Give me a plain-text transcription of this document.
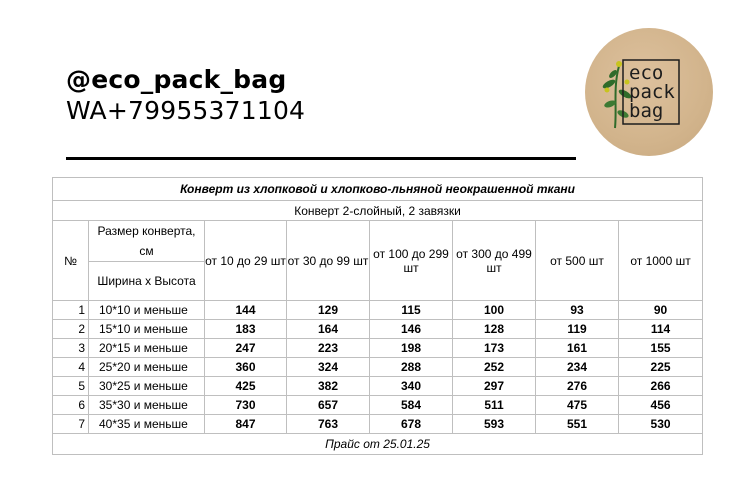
@eco_pack_bag
WA+79955371104
eco
pack
bag
Конверт из хлопковой и хлопково-льняной неокрашенной ткани							
Конверт 2-слойный, 2 завязки							
№	Размер конверта, см	от 10 до 29 шт	от 30 до 99 шт	от 100 до 299 шт	от 300 до 499 шт	от 500 шт	от 1000 шт
	Ширина х Высота						
1	10*10 и меньше	144	129	115	100	93	90
2	15*10 и меньше	183	164	146	128	119	114
3	20*15 и меньше	247	223	198	173	161	155
4	25*20 и меньше	360	324	288	252	234	225
5	30*25 и меньше	425	382	340	297	276	266
6	35*30 и меньше	730	657	584	511	475	456
7	40*35 и меньше	847	763	678	593	551	530
Прайс от 25.01.25							
